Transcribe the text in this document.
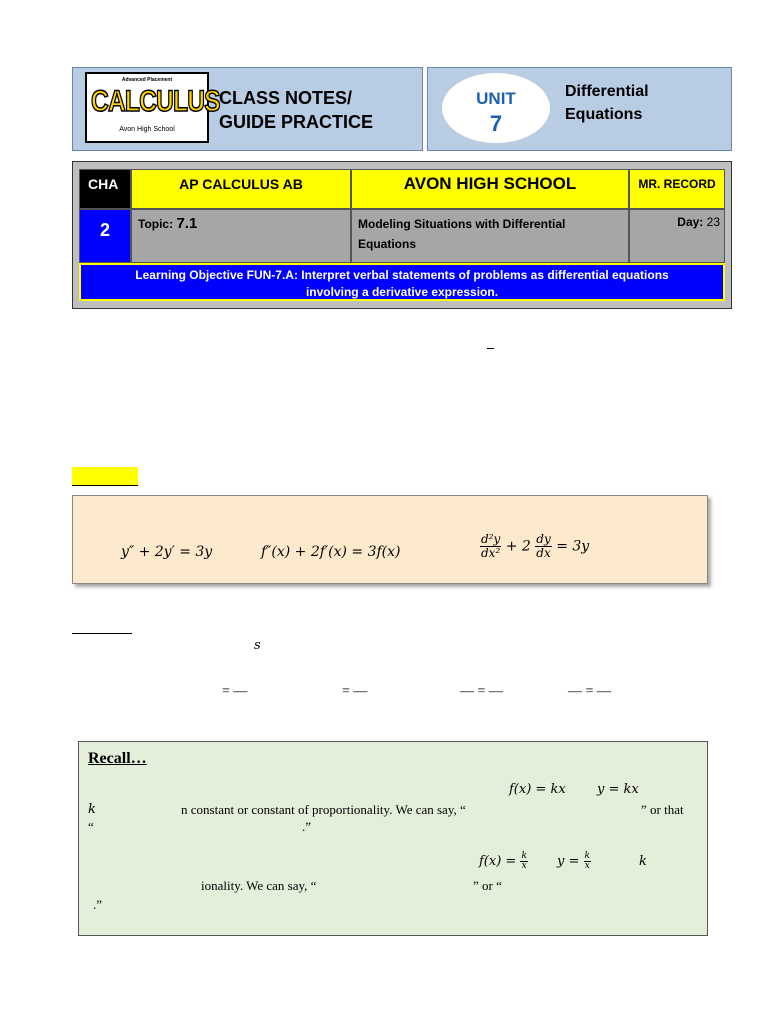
Advanced Placement
CALCULUS
Avon High School
CLASS NOTES/
GUIDE PRACTICE
UNIT
7
Differential
Equations
CHA	AP CALCULUS AB	AVON HIGH SCHOOL	MR. RECORD
2	Topic: 7.1	Modeling Situations with Differential
Equations
Day: 23
Learning Objective FUN-7.A: Interpret verbal statements of problems as differential equations
involving a derivative expression.
y″ + 2y′ = 3y	f″(x) + 2f′(x) = 3f(x)	$\frac{\text{d²y}}{\text{dx²}} + 2 \frac{dy}{dx} = 3y$
s
= —	= —	— = —	— = —
Recall…
f(x) = kx y = kx
k	n constant or constant of proportionality. We can say, “	” or that
“	.”
$f(x) = \frac{k}{x}$ $y = \frac{k}{x}$	k
ionality. We can say, “	” or “
.”
